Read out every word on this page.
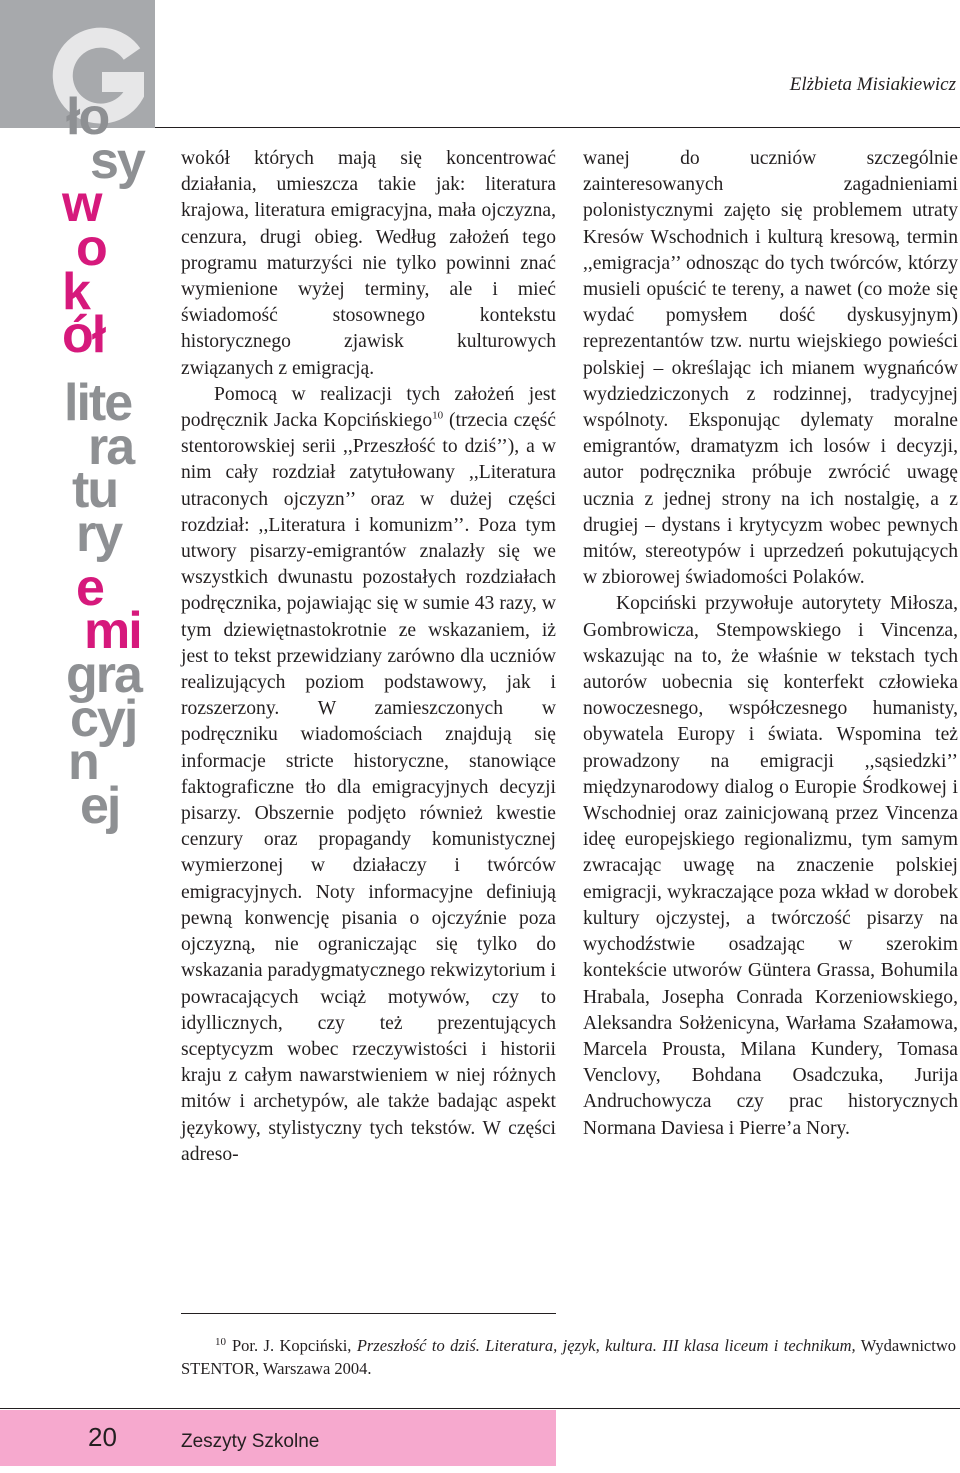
Elżbieta Misiakiewicz
ło
sy
w
o
k
ół
lite
ra
tu
ry
e
mi
gra
cyj
n
ej

wokół których mają się koncentrować działania, umieszcza takie jak: literatura krajowa, literatura emigracyjna, mała ojczyzna, cenzura, drugi obieg. Według założeń tego programu maturzyści nie tylko powinni znać wymienione wyżej terminy, ale i mieć świadomość stosownego kontekstu historycznego zjawisk kulturowych związanych z emigracją.

Pomocą w realizacji tych założeń jest podręcznik Jacka Kopcińskiego$^{10}$ (trzecia część stentorowskiej serii ,,Przeszłość to dziś’’), a w nim cały rozdział zatytułowany ,,Literatura utraconych ojczyzn’’ oraz w dużej części rozdział: ,,Literatura i komunizm’’. Poza tym utwory pisarzy-emigrantów znalazły się we wszystkich dwunastu pozostałych rozdziałach podręcznika, pojawiając się w sumie 43 razy, w tym dziewiętnastokrotnie ze wskazaniem, iż jest to tekst przewidziany zarówno dla uczniów realizujących poziom podstawowy, jak i rozszerzony. W zamieszczonych w podręczniku wiadomościach znajdują się informacje stricte historyczne, stanowiące faktograficzne tło dla emigracyjnych decyzji pisarzy. Obszernie podjęto również kwestie cenzury oraz propagandy komunistycznej wymierzonej w działaczy i twórców emigracyjnych. Noty informacyjne definiują pewną konwencję pisania o ojczyźnie poza ojczyzną, nie ograniczając się tylko do wskazania paradygmatycznego rekwizytorium i powracających wciąż motywów, czy to idyllicznych, czy też prezentujących sceptycyzm wobec rzeczywistości i historii kraju z całym nawarstwieniem w niej różnych mitów i archetypów, ale także badając aspekt językowy, stylistyczny tych tekstów. W części adreso-

wanej do uczniów szczególnie zainteresowanych zagadnieniami polonistycznymi zajęto się problemem utraty Kresów Wschodnich i kulturą kresową, termin ,,emigracja’’ odnosząc do tych twórców, którzy musieli opuścić te tereny, a nawet (co może się wydać pomysłem dość dyskusyjnym) reprezentantów tzw. nurtu wiejskiego powieści polskiej – określając ich mianem wygnańców wydziedziczonych z rodzinnej, tradycyjnej wspólnoty. Eksponując dylematy moralne emigrantów, dramatyzm ich losów i decyzji, autor podręcznika próbuje zwrócić uwagę ucznia z jednej strony na ich nostalgię, a z drugiej – dystans i krytycyzm wobec pewnych mitów, stereotypów i uprzedzeń pokutujących w zbiorowej świadomości Polaków.

Kopciński przywołuje autorytety Miłosza, Gombrowicza, Stempowskiego i Vincenza, wskazując na to, że właśnie w tekstach tych autorów uobecnia się konterfekt człowieka nowoczesnego, współczesnego humanisty, obywatela Europy i świata. Wspomina też prowadzony na emigracji ,,sąsiedzki’’ międzynarodowy dialog o Europie Środkowej i Wschodniej oraz zainicjowaną przez Vincenza ideę europejskiego regionalizmu, tym samym zwracając uwagę na znaczenie polskiej emigracji, wykraczające poza wkład w dorobek kultury ojczystej, a twórczość pisarzy na wychodźstwie osadzając w szerokim kontekście utworów Güntera Grassa, Bohumila Hrabala, Josepha Conrada Korzeniowskiego, Aleksandra Sołżenicyna, Warłama Szałamowa, Marcela Prousta, Milana Kundery, Tomasa Venclovy, Bohdana Osadczuka, Jurija Andruchowycza czy prac historycznych Normana Daviesa i Pierre’a Nory.

$^{10}$ Por. J. Kopciński, Przeszłość to dziś. Literatura, język, kultura. III klasa liceum i technikum, Wydawnictwo STENTOR, Warszawa 2004.
20	Zeszyty Szkolne
